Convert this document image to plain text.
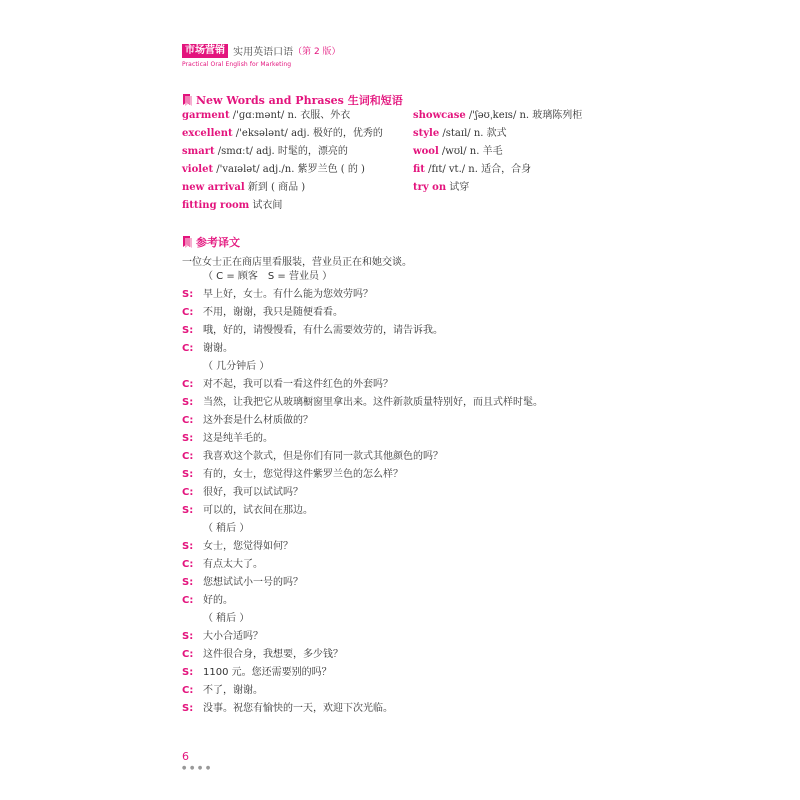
市场营销 实用英语口语（第 2 版）
Practical Oral English for Marketing
New Words and Phrases 生词和短语
garment /'ɡɑːmənt/ n. 衣服、外衣
excellent /'eksələnt/ adj. 极好的，优秀的
smart /smɑːt/ adj. 时髦的，漂亮的
violet /'vaɪələt/ adj./n. 紫罗兰色 ( 的 )
new arrival 新到 ( 商品 )
fitting room 试衣间
showcase /'ʃəʊˌkeɪs/ n. 玻璃陈列柜
style /staɪl/ n. 款式
wool /wʊl/ n. 羊毛
fit /fɪt/ vt./ n. 适合，合身
try on 试穿
参考译文
一位女士正在商店里看服装，营业员正在和她交谈。
（ C = 顾客　S = 营业员 ）
S: 早上好，女士。有什么能为您效劳吗？
C: 不用，谢谢，我只是随便看看。
S: 哦，好的，请慢慢看，有什么需要效劳的，请告诉我。
C: 谢谢。
（ 几分钟后 ）
C: 对不起，我可以看一看这件红色的外套吗？
S: 当然，让我把它从玻璃橱窗里拿出来。这件新款质量特别好，而且式样时髦。
C: 这外套是什么材质做的？
S: 这是纯羊毛的。
C: 我喜欢这个款式，但是你们有同一款式其他颜色的吗？
S: 有的，女士，您觉得这件紫罗兰色的怎么样？
C: 很好，我可以试试吗？
S: 可以的，试衣间在那边。
（ 稍后 ）
S: 女士，您觉得如何？
C: 有点太大了。
S: 您想试试小一号的吗？
C: 好的。
（ 稍后 ）
S: 大小合适吗？
C: 这件很合身，我想要，多少钱？
S: 1100 元。您还需要别的吗？
C: 不了，谢谢。
S: 没事。祝您有愉快的一天，欢迎下次光临。
6
● ● ● ●
